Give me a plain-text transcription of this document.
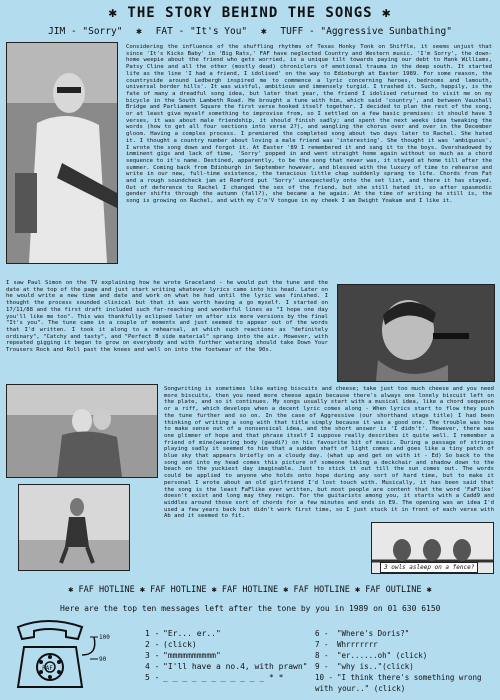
✱ THE STORY BEHIND THE SONGS ✱
JIM - "Sorry" ✱ FAT - "It's You" ✱ TUFF - "Aggressive Sunbathing"
Considering the influence of the shuffling rhythms of Texas Honky Tonk on Shiffle, it seems unjust that since 'It's Kicks Baby' in 'Big Rats,' FAF have neglected Country and Western music. 'I'm Sorry', the down-home weepie about the friend who gets worried, is a unique tilt towards paying our debt to Hank Williams, Patsy Cline and all the other (mostly dead) chroniclers of emotional trauma in the deep south. It started life as the line 'I had a friend, I idolised' on the way to Edinburgh at Easter 1989. For some reason, the countryside around Ledbergh inspired me to commence a lyric concerning heroes, bedrooms and lamouth, universal border hills'. It was wistful, ambitious and immensely turgid. I trashed it. Such, happily, is the fate of many a dreadful song idea, but later that year, the friend I idolised returned to visit me on my bicycle in the South Lambeth Road. He brought a tune with him, which said 'country', and between Vauxhall Bridge and Parliament Square the first verse hooked itself together. I decided to plan the rest of the song, or at least give myself something to improvise from, so I settled on a few basic premises: it should have 3 verses, it was about male friendship, it should finish sadly; and spent the next weeks idea tweaking the words (how to get all four sections into verse 2?), and wangling the chorus over and over in the December gloom. Having a complex process. I premiered the completed song about two days later to Rachel. She hated it. I thought a country number about loving a male friend was 'interesting'. She thought it was 'ambiguous'. I wrote the song down and forgot it. At Easter '89 I remembered it and sang it to the boys. Overshadowed by imminent gigs and lack of time, 'Sorry' popped in and went straight home again without so much as a chord sequence to it's name. Destined, apparently, to be the song that never was, it stayed at home till after the summer. Coming back from Edinburgh in September however, and blessed with the luxury of time to rehearse and write in our new, full-time existence, the tenacious little chap suddenly sprang to life. Chords from Fat and a rough soundcheck jam at Romford put 'Sorry' unexpectedly onto the set list, and there it has stayed. Out of deference to Rachel I changed the sex of the friend, but she still hated it, so after spasmodic gender shifts through the autumn (fall?), she became a he again. At the time of writing he still is, the song is growing on Rachel, and with my C'n'V tongue in my cheek I am Dwight Yoakam and I like it.
I saw Paul Simon on the TV explaining how he wrote Graceland - he would put the tune and the date at the top of the page and just start writing whatever lyrics came into his head. Later on he would write a new time and date and work on what he had until the lyric was finished. I thought the process sounded clinical but that it was worth having a go myself. I started on 17/11/88 and the first draft included such far-reaching and wonderful lines as "I hope one day you'll like me too". This was thankfully eclipsed later on after six more versions by the final "It's you". The tune came in a couple of moments and just seemed to appear out of the words that I'd written. I took it along to a rehearsal, at which such reactions as "definitely ordinary", "Catchy and tasty", and "Perfect B side material" sprang into the air. However, with repeated gigging it began to grow on everybody and with further watering should take Down Your Trousers Rock and Roll past the knees and well on into the footwear of the 90s.
Songwriting is sometimes like eating biscuits and cheese; take just too much cheese and you need more biscuits, then you need more cheese again because there's always one lonely biscuit left on the plate, and so it continues. My songs usually start with a musical idea, like a chord sequence or a riff, which develops when a decent lyric comes along - When lyrics start to flow they push the tune further and so on. In the case of Aggressive (our shorthand stage title) I had been thinking of writing a song with that title simply because it was a good one. The trouble was how to make sense out of a nonsensical idea, and the short answer is 'I didn't'. However, there was one glimmer of hope and that phrase itself I suppose really describes it quite well. I remember a friend of mine(wearing body (gaudi?) on his favourite bit of music. During a passage of strings playing sadly it seemed to him that a sudden shaft of light comes and goes like a tiny patch of blue sky that appears briefly on a cloudy day. (what up and get on with it - Ed) So back to the song and into my head comes this picture of someone taking a deckchair and shadow down to the beach on the yuckiest day imaginable. Just to stick it out till the sun comes out. The words could be applied to anyone who holds onto hope during any sort of hard time, but to make it personal I wrote about an old girlfriend I'd lost touch with. Musically, it has been said that the song is the least FaFlike ever written, but most people are content that the word 'FaFlike' doesn't exist and long may they reign. For the guitarists among you, it starts with a Cadd9 and widdles around those sort of chords for a few minutes and ends in E9. The opening was an idea I'd used a few years back but didn't work first time, so I just stuck it in front of each verse with Ab and it seemed to fit.
3 owls asleep on a fence?
✱ FAF HOTLINE ✱ FAF HOTLINE ✱ FAF HOTLINE ✱ FAF HOTLINE ✱ FAF OUTLINE ✱
Here are the top ten messages left after the tone by you in 1989 on 01 630 6150
100
90
FAF
1 - "Er... er.."
2 - (click)
3 - "mmmmmmmmmm"
4 - "I'll have a no.4, with prawn"
5 - _ _ _ _ _ _ _ _ _ _ _ * *
6 - "Where's Doris?"
7 - Whrrrrrrr
8 - "er......oh" (click)
9 - "why is.."(click)
10 - "I think there's something wrong with your.." (click)
